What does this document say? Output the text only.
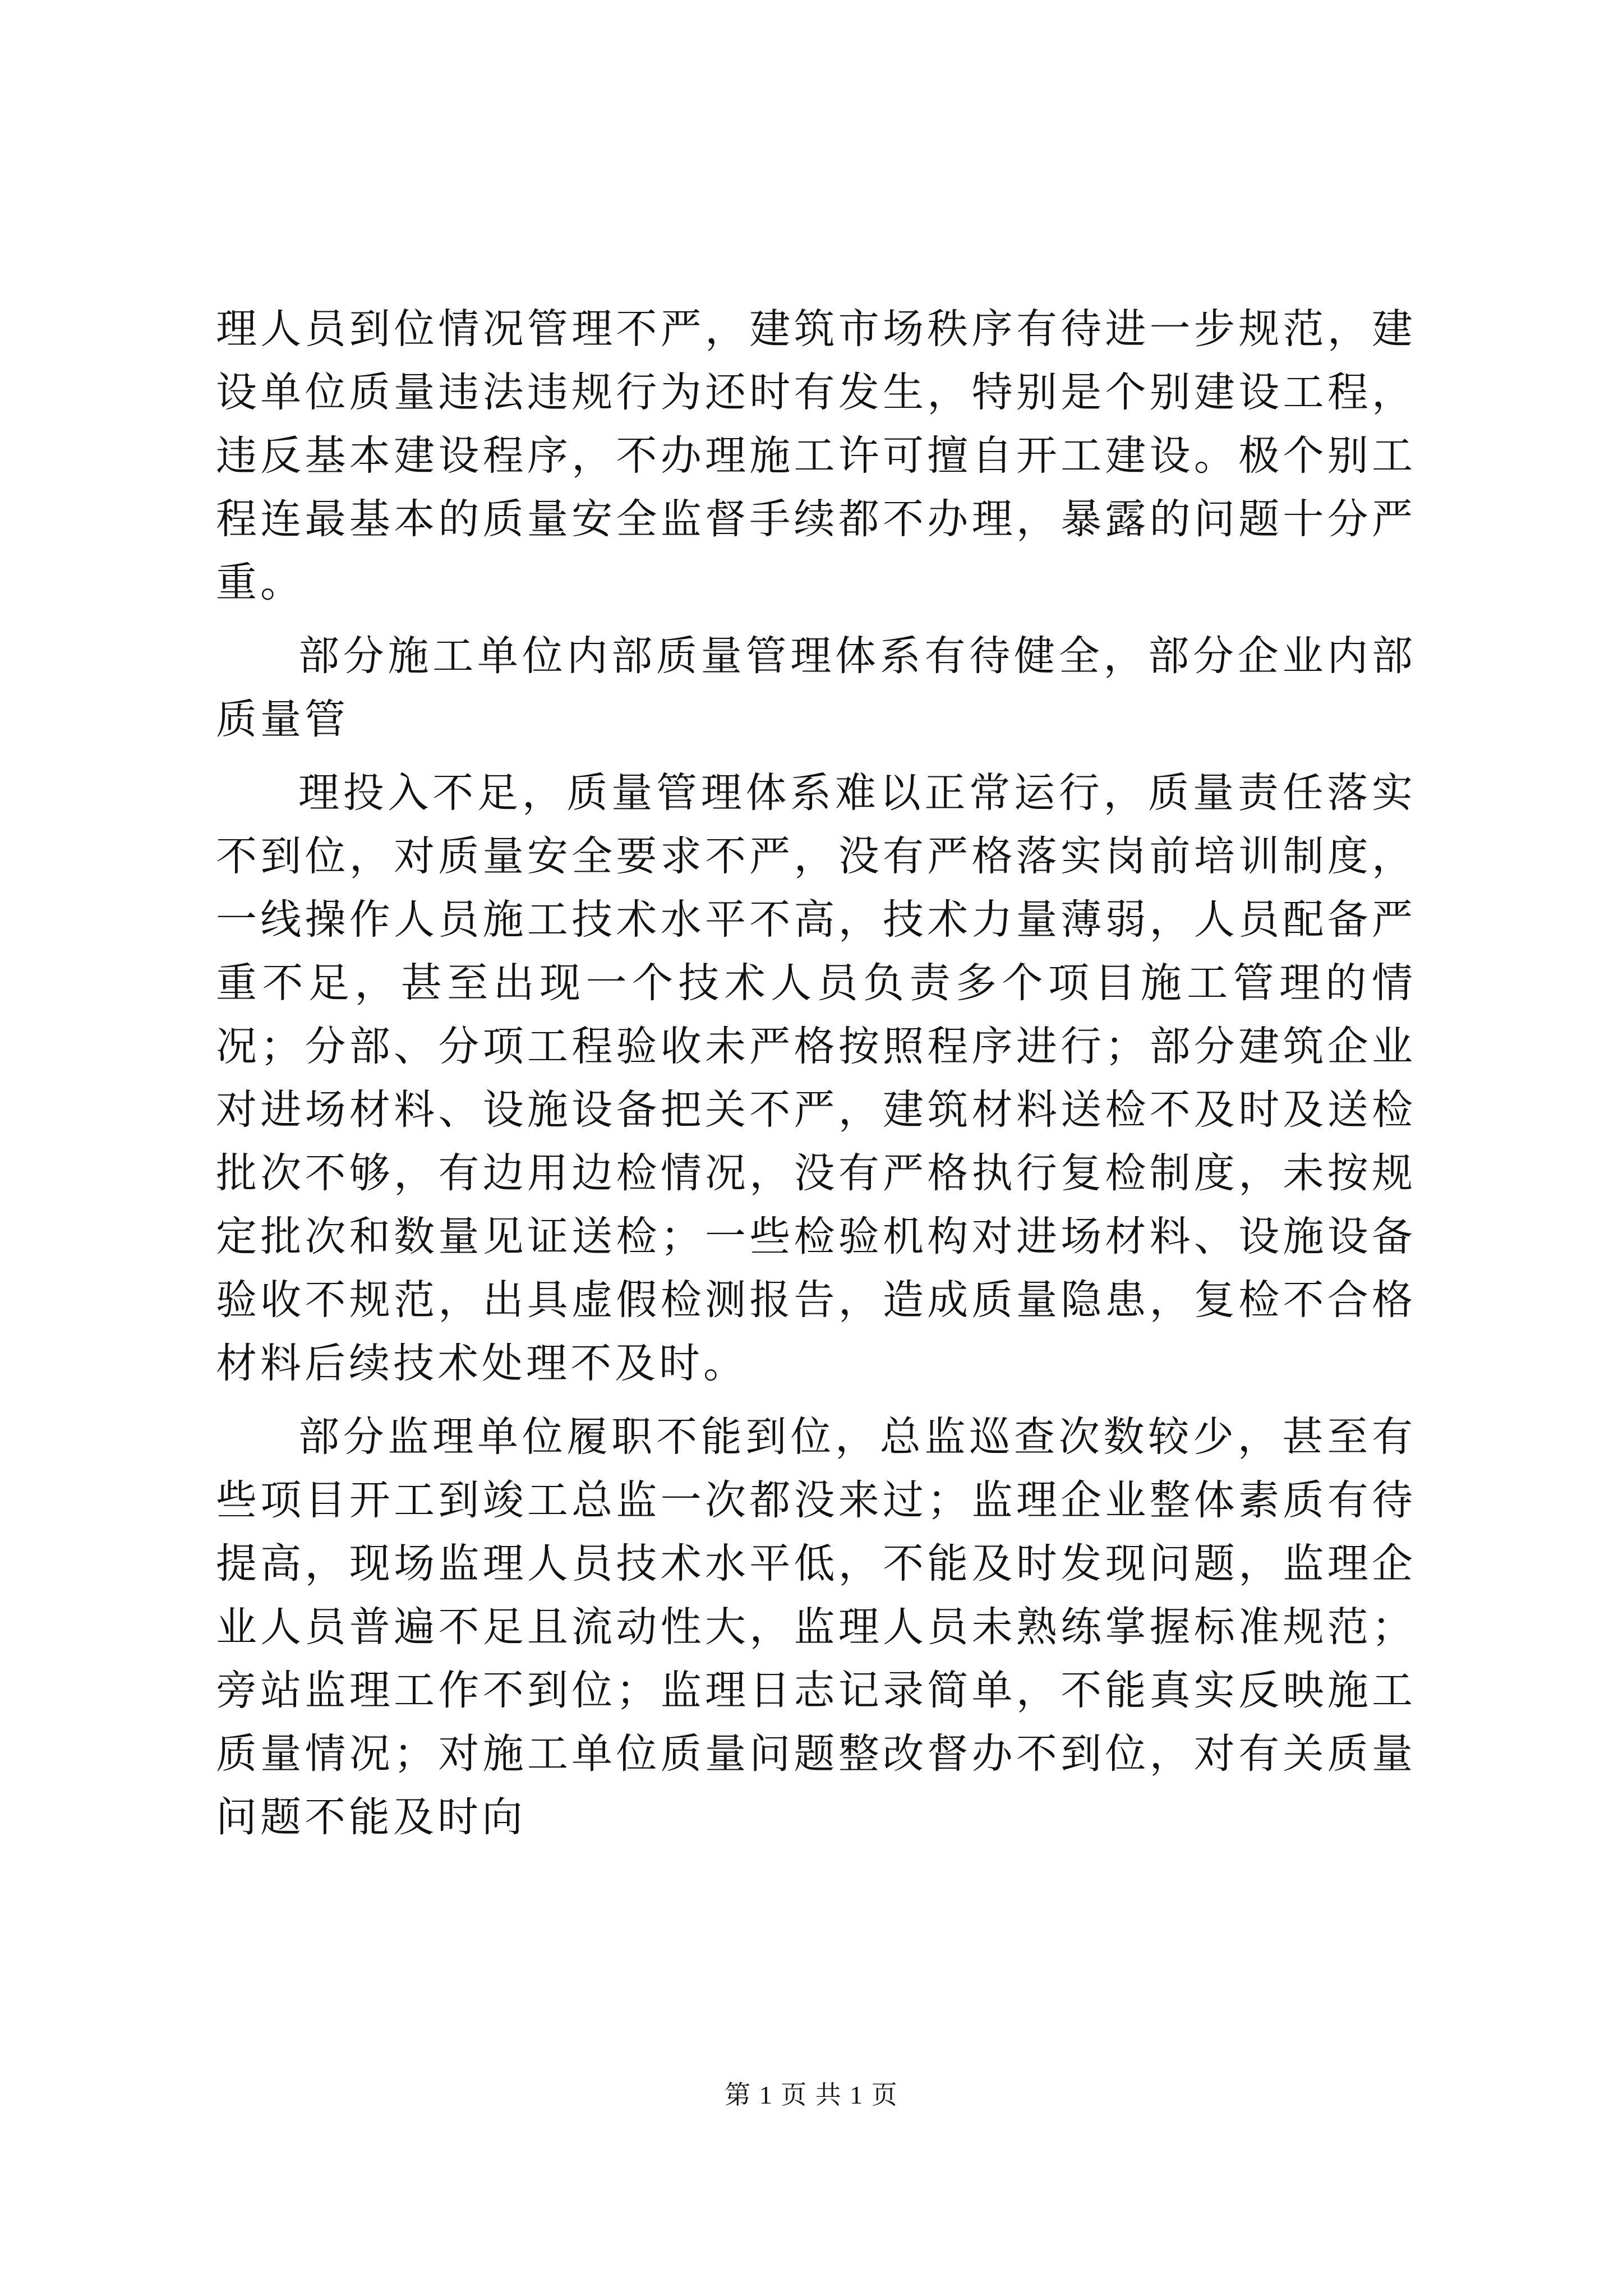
理人员到位情况管理不严，建筑市场秩序有待进一步规范，建设单位质量违法违规行为还时有发生，特别是个别建设工程，违反基本建设程序，不办理施工许可擅自开工建设。极个别工程连最基本的质量安全监督手续都不办理，暴露的问题十分严重。

部分施工单位内部质量管理体系有待健全，部分企业内部质量管

理投入不足，质量管理体系难以正常运行，质量责任落实不到位，对质量安全要求不严，没有严格落实岗前培训制度，一线操作人员施工技术水平不高，技术力量薄弱，人员配备严重不足，甚至出现一个技术人员负责多个项目施工管理的情况；分部、分项工程验收未严格按照程序进行；部分建筑企业对进场材料、设施设备把关不严，建筑材料送检不及时及送检批次不够，有边用边检情况，没有严格执行复检制度，未按规定批次和数量见证送检；一些检验机构对进场材料、设施设备验收不规范，出具虚假检测报告，造成质量隐患，复检不合格材料后续技术处理不及时。

部分监理单位履职不能到位，总监巡查次数较少，甚至有些项目开工到竣工总监一次都没来过；监理企业整体素质有待提高，现场监理人员技术水平低，不能及时发现问题，监理企业人员普遍不足且流动性大，监理人员未熟练掌握标准规范；旁站监理工作不到位；监理日志记录简单，不能真实反映施工质量情况；对施工单位质量问题整改督办不到位，对有关质量问题不能及时向

第 1 页 共 1 页
